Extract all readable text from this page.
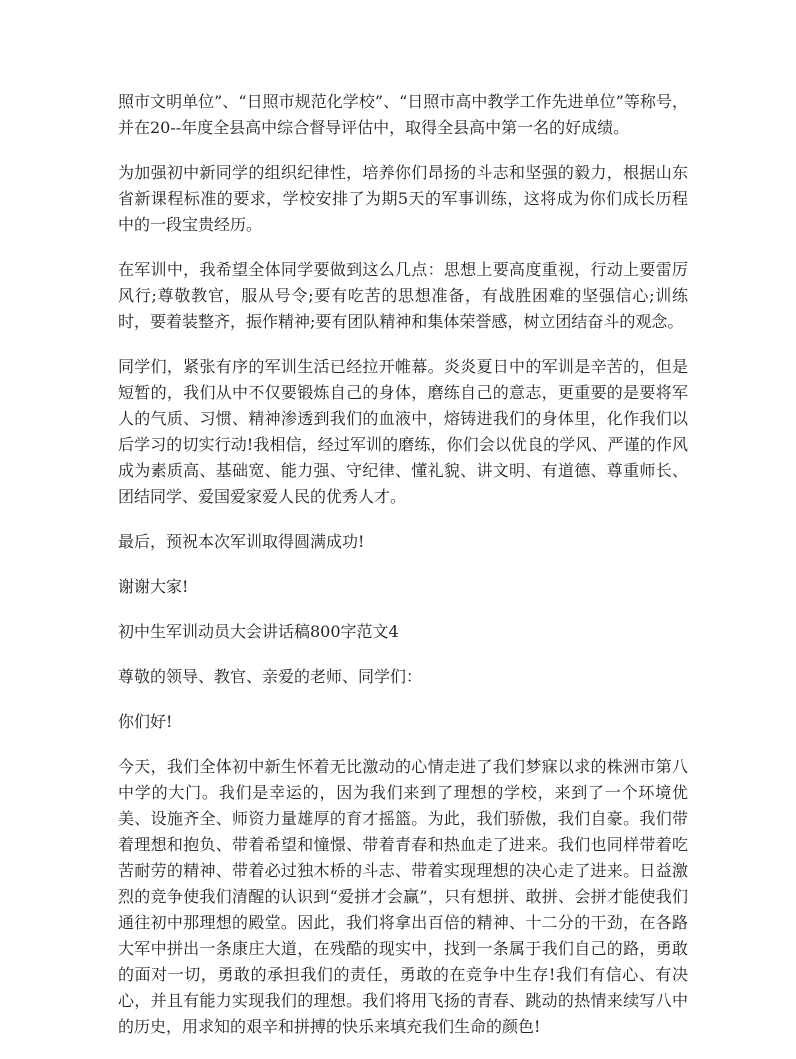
照市文明单位”、“日照市规范化学校”、“日照市高中教学工作先进单位”等称号，并在20--年度全县高中综合督导评估中，取得全县高中第一名的好成绩。

为加强初中新同学的组织纪律性，培养你们昂扬的斗志和坚强的毅力，根据山东省新课程标准的要求，学校安排了为期5天的军事训练，这将成为你们成长历程中的一段宝贵经历。

在军训中，我希望全体同学要做到这么几点：思想上要高度重视，行动上要雷厉风行;尊敬教官，服从号令;要有吃苦的思想准备，有战胜困难的坚强信心;训练时，要着装整齐，振作精神;要有团队精神和集体荣誉感，树立团结奋斗的观念。

同学们，紧张有序的军训生活已经拉开帷幕。炎炎夏日中的军训是辛苦的，但是短暂的，我们从中不仅要锻炼自己的身体，磨练自己的意志，更重要的是要将军人的气质、习惯、精神渗透到我们的血液中，熔铸进我们的身体里，化作我们以后学习的切实行动!我相信，经过军训的磨练，你们会以优良的学风、严谨的作风成为素质高、基础宽、能力强、守纪律、懂礼貌、讲文明、有道德、尊重师长、团结同学、爱国爱家爱人民的优秀人才。

最后，预祝本次军训取得圆满成功!

谢谢大家!

初中生军训动员大会讲话稿800字范文4

尊敬的领导、教官、亲爱的老师、同学们：

你们好!

今天，我们全体初中新生怀着无比激动的心情走进了我们梦寐以求的株洲市第八中学的大门。我们是幸运的，因为我们来到了理想的学校，来到了一个环境优美、设施齐全、师资力量雄厚的育才摇篮。为此，我们骄傲，我们自豪。我们带着理想和抱负、带着希望和憧憬、带着青春和热血走了进来。我们也同样带着吃苦耐劳的精神、带着必过独木桥的斗志、带着实现理想的决心走了进来。日益激烈的竞争使我们清醒的认识到“爱拼才会赢”，只有想拼、敢拼、会拼才能使我们通往初中那理想的殿堂。因此，我们将拿出百倍的精神、十二分的干劲，在各路大军中拼出一条康庄大道，在残酷的现实中，找到一条属于我们自己的路，勇敢的面对一切，勇敢的承担我们的责任，勇敢的在竞争中生存!我们有信心、有决心，并且有能力实现我们的理想。我们将用飞扬的青春、跳动的热情来续写八中的历史，用求知的艰辛和拼搏的快乐来填充我们生命的颜色!
